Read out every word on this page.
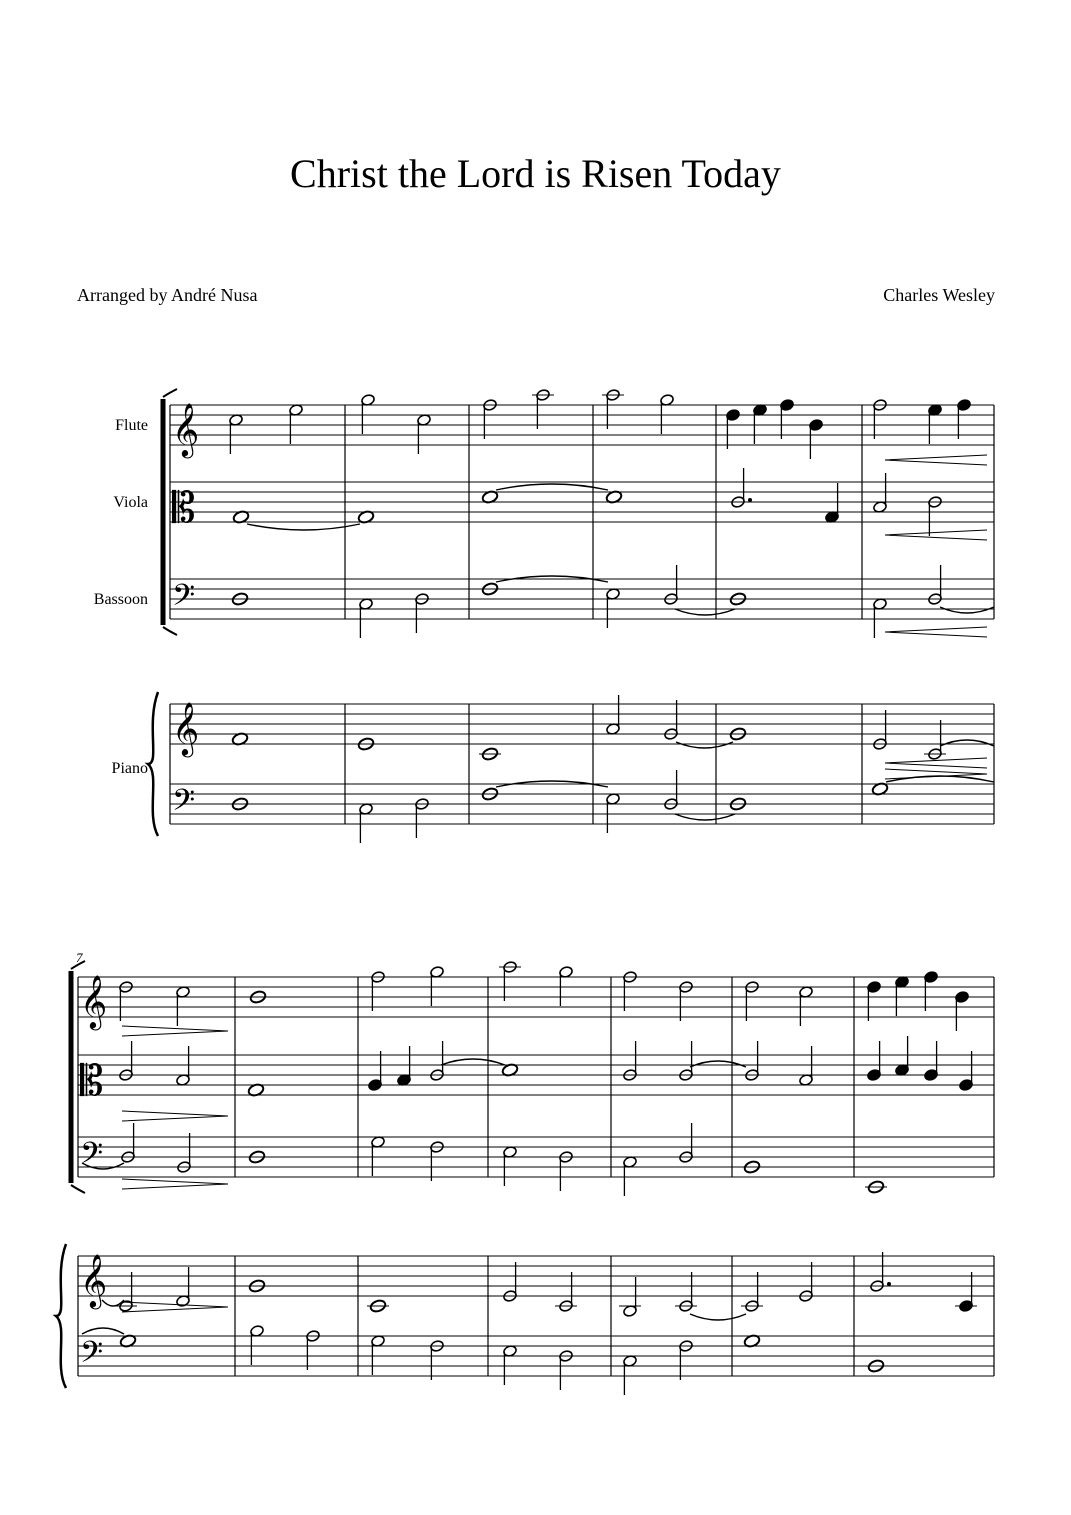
Christ the Lord is Risen Today
Arranged by André Nusa	Charles Wesley
Flute
Viola
Bassoon
Piano
7
𝄞
𝄡
𝄢
𝄞
𝄢
𝄞
𝄡
𝄢
𝄞
𝄢
